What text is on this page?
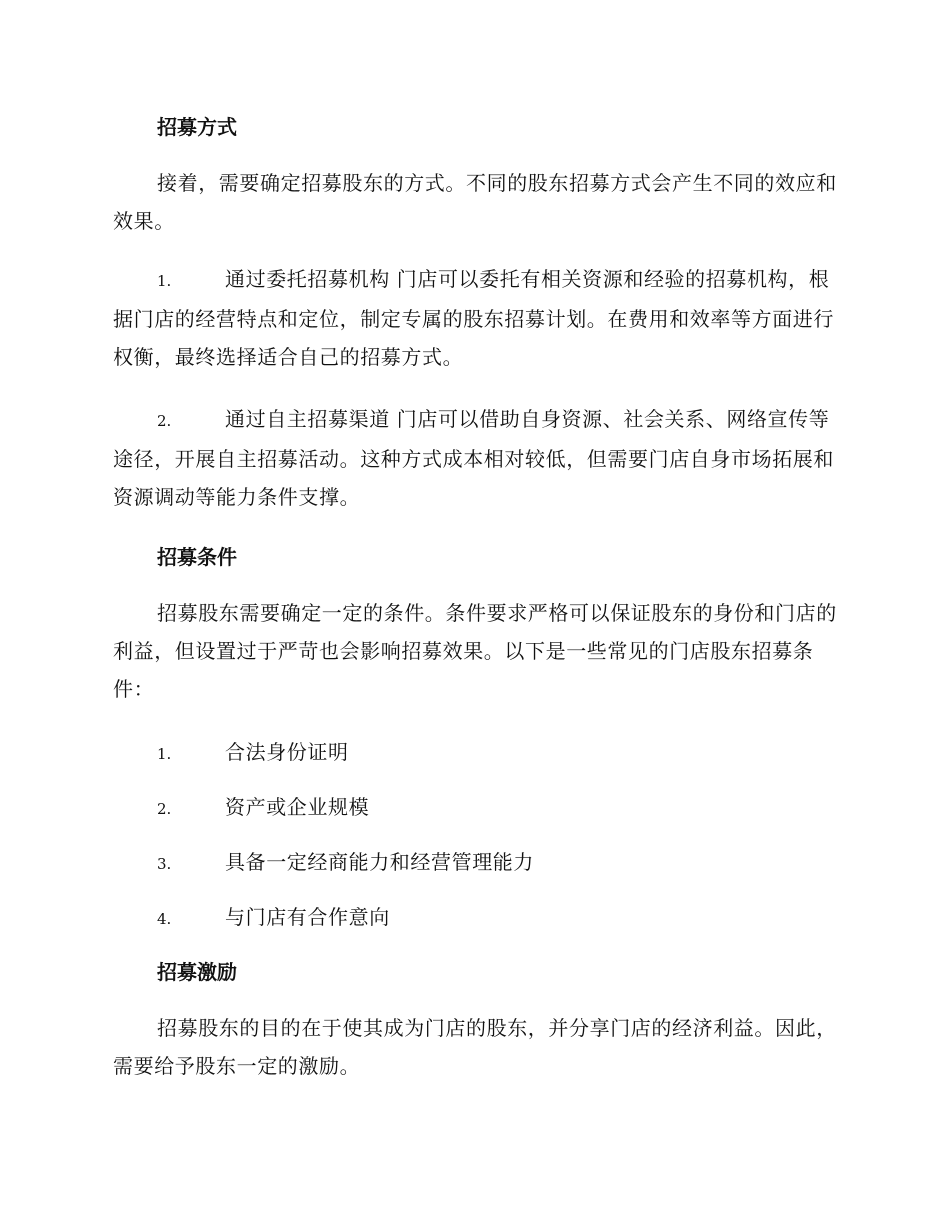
招募方式

接着，需要确定招募股东的方式。不同的股东招募方式会产生不同的效应和效果。

1.	通过委托招募机构 门店可以委托有相关资源和经验的招募机构，根据门店的经营特点和定位，制定专属的股东招募计划。在费用和效率等方面进行权衡，最终选择适合自己的招募方式。

2.	通过自主招募渠道 门店可以借助自身资源、社会关系、网络宣传等途径，开展自主招募活动。这种方式成本相对较低，但需要门店自身市场拓展和资源调动等能力条件支撑。

招募条件

招募股东需要确定一定的条件。条件要求严格可以保证股东的身份和门店的利益，但设置过于严苛也会影响招募效果。以下是一些常见的门店股东招募条件：

1.	合法身份证明

2.	资产或企业规模

3.	具备一定经商能力和经营管理能力

4.	与门店有合作意向

招募激励

招募股东的目的在于使其成为门店的股东，并分享门店的经济利益。因此，需要给予股东一定的激励。
